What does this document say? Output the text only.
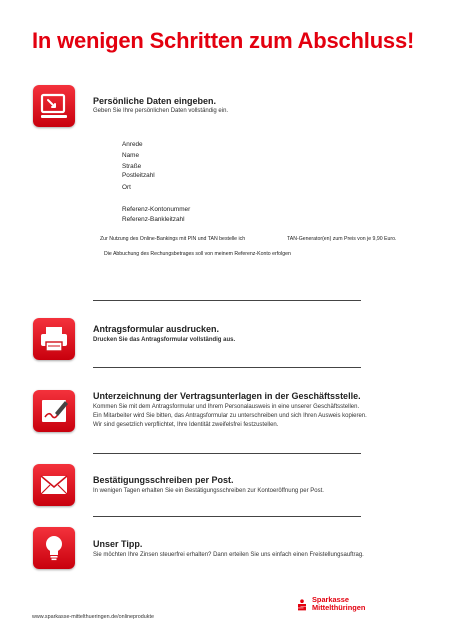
In wenigen Schritten zum Abschluss!
Persönliche Daten eingeben.
Geben Sie Ihre persönlichen Daten vollständig ein.
Anrede
Name
Straße
Postleitzahl
Ort
Referenz-Kontonummer
Referenz-Bankleitzahl
Zur Nutzung des Online-Bankings mit PIN und TAN bestelle ich	TAN-Generator(en) zum Preis von je 9,90 Euro.
Die Abbuchung des Rechungsbetrages soll von meinem Referenz-Konto erfolgen
Antragsformular ausdrucken.
Drucken Sie das Antragsformular vollständig aus.
Unterzeichnung der Vertragsunterlagen in der Geschäftsstelle.
Kommen Sie mit dem Antragsformular und Ihrem Personalausweis in eine unserer Geschäftsstellen.
Ein Mitarbeiter wird Sie bitten, das Antragsformular zu unterschreiben und sich Ihren Ausweis kopieren.
Wir sind gesetzlich verpflichtet, Ihre Identität zweifelsfrei festzustellen.
Bestätigungsschreiben per Post.
In wenigen Tagen erhalten Sie ein Bestätigungsschreiben zur Kontoeröffnung per Post.
Unser Tipp.
Sie möchten Ihre Zinsen steuerfrei erhalten? Dann erteilen Sie uns einfach einen Freistellungsauftrag.
www.sparkasse-mittelthueringen.de/onlineprodukte
Sparkasse
Mittelthüringen
